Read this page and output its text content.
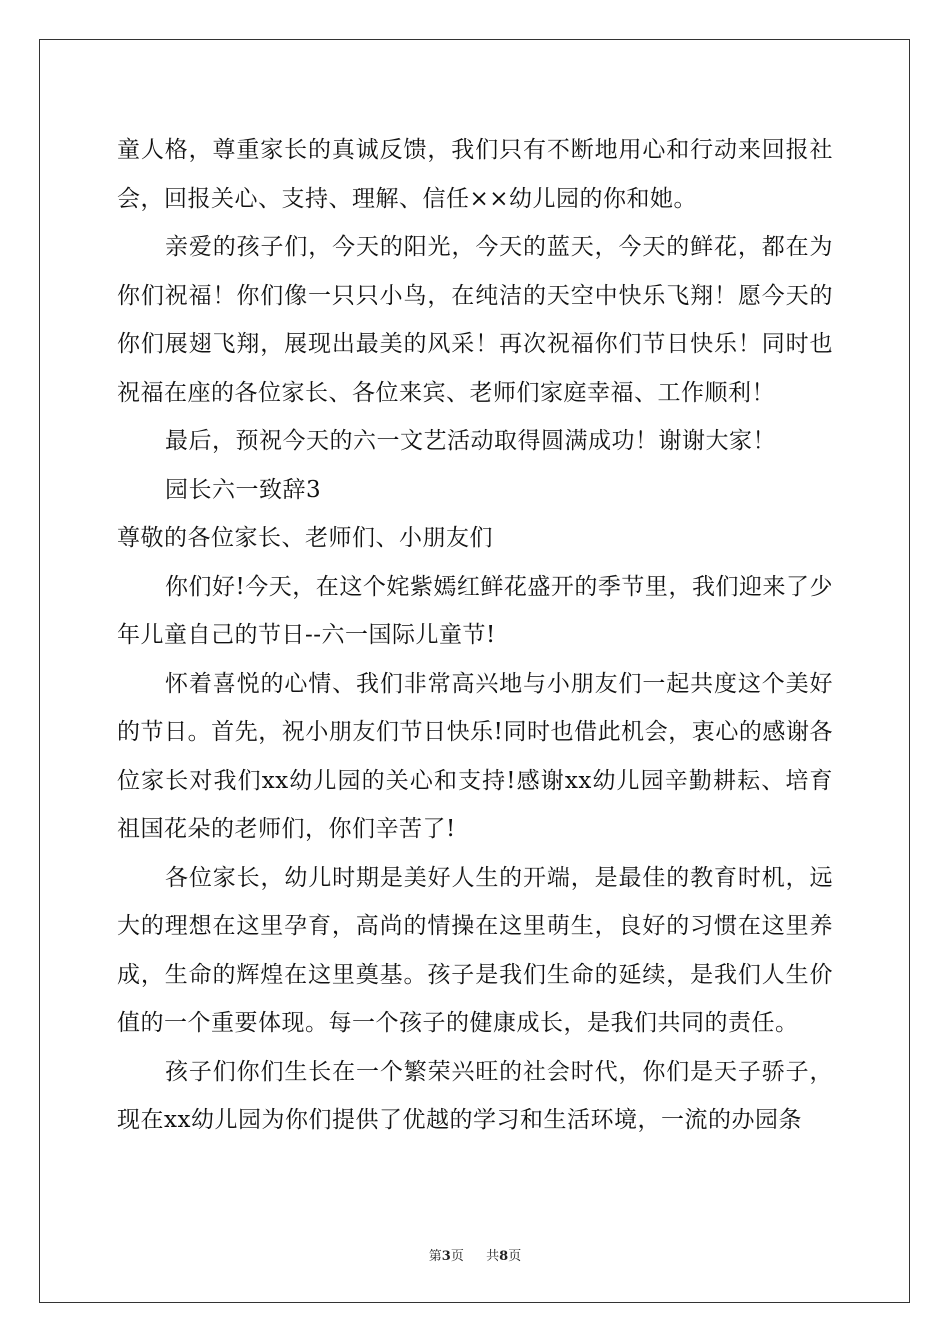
童人格，尊重家长的真诚反馈，我们只有不断地用心和行动来回报社会，回报关心、支持、理解、信任××幼儿园的你和她。

亲爱的孩子们，今天的阳光，今天的蓝天，今天的鲜花，都在为你们祝福！你们像一只只小鸟，在纯洁的天空中快乐飞翔！愿今天的你们展翅飞翔，展现出最美的风采！再次祝福你们节日快乐！同时也祝福在座的各位家长、各位来宾、老师们家庭幸福、工作顺利！

最后，预祝今天的六一文艺活动取得圆满成功！谢谢大家！

园长六一致辞3

尊敬的各位家长、老师们、小朋友们

你们好!今天，在这个姹紫嫣红鲜花盛开的季节里，我们迎来了少年儿童自己的节日--六一国际儿童节!

怀着喜悦的心情、我们非常高兴地与小朋友们一起共度这个美好的节日。首先，祝小朋友们节日快乐!同时也借此机会，衷心的感谢各位家长对我们xx幼儿园的关心和支持!感谢xx幼儿园辛勤耕耘、培育祖国花朵的老师们，你们辛苦了!

各位家长，幼儿时期是美好人生的开端，是最佳的教育时机，远大的理想在这里孕育，高尚的情操在这里萌生，良好的习惯在这里养成，生命的辉煌在这里奠基。孩子是我们生命的延续，是我们人生价值的一个重要体现。每一个孩子的健康成长，是我们共同的责任。

孩子们你们生长在一个繁荣兴旺的社会时代，你们是天子骄子，现在xx幼儿园为你们提供了优越的学习和生活环境，一流的办园条

第3页 共8页
